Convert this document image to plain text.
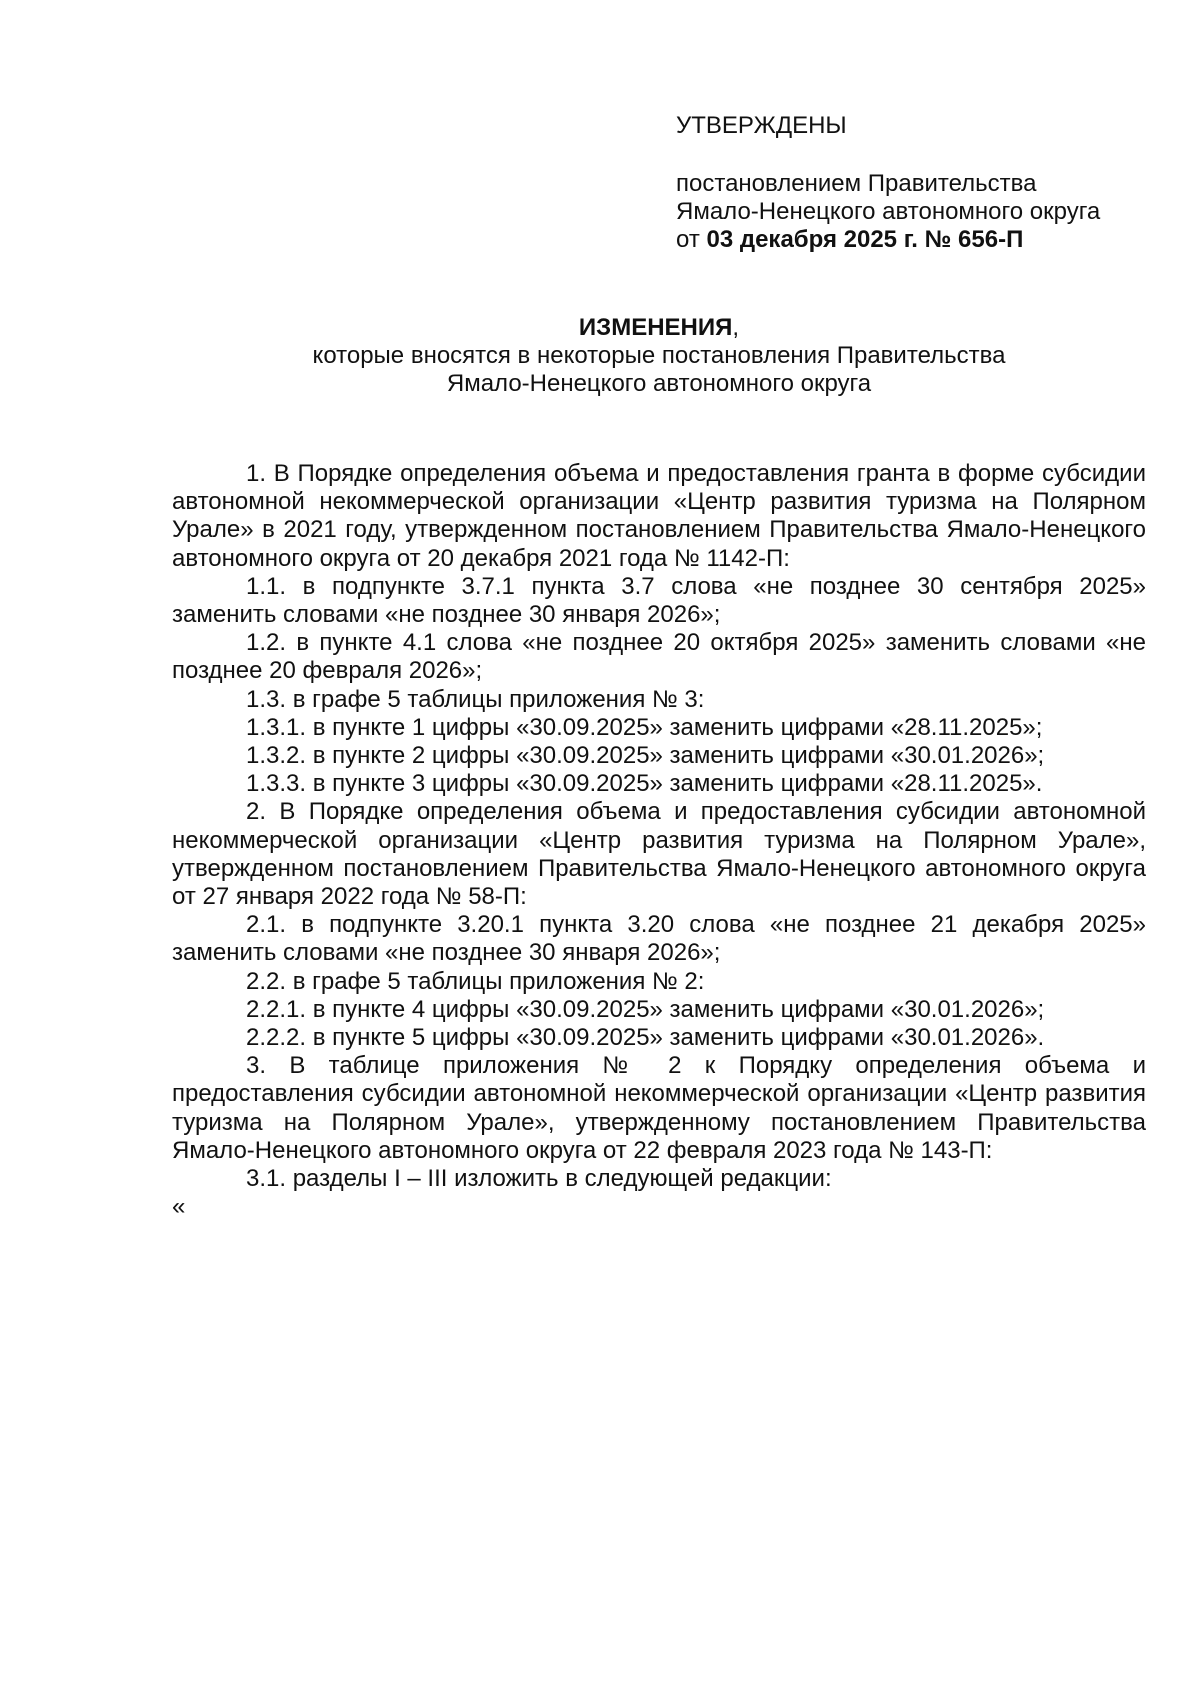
УТВЕРЖДЕНЫ
постановлением Правительства
Ямало-Ненецкого автономного округа
от 03 декабря 2025 г. № 656-П
ИЗМЕНЕНИЯ,
которые вносятся в некоторые постановления Правительства
Ямало-Ненецкого автономного округа

1. В Порядке определения объема и предоставления гранта в форме субсидии автономной некоммерческой организации «Центр развития туризма на Полярном Урале» в 2021 году, утвержденном постановлением Правительства Ямало-Ненецкого автономного округа от 20 декабря 2021 года № 1142-П:

1.1. в подпункте 3.7.1 пункта 3.7 слова «не позднее 30 сентября 2025» заменить словами «не позднее 30 января 2026»;

1.2. в пункте 4.1 слова «не позднее 20 октября 2025» заменить словами «не позднее 20 февраля 2026»;

1.3. в графе 5 таблицы приложения № 3:

1.3.1. в пункте 1 цифры «30.09.2025» заменить цифрами «28.11.2025»;

1.3.2. в пункте 2 цифры «30.09.2025» заменить цифрами «30.01.2026»;

1.3.3. в пункте 3 цифры «30.09.2025» заменить цифрами «28.11.2025».

2. В Порядке определения объема и предоставления субсидии автономной некоммерческой организации «Центр развития туризма на Полярном Урале», утвержденном постановлением Правительства Ямало-Ненецкого автономного округа от 27 января 2022 года № 58-П:

2.1. в подпункте 3.20.1 пункта 3.20 слова «не позднее 21 декабря 2025» заменить словами «не позднее 30 января 2026»;

2.2. в графе 5 таблицы приложения № 2:

2.2.1. в пункте 4 цифры «30.09.2025» заменить цифрами «30.01.2026»;

2.2.2. в пункте 5 цифры «30.09.2025» заменить цифрами «30.01.2026».

3. В таблице приложения № 2 к Порядку определения объема и предоставления субсидии автономной некоммерческой организации «Центр развития туризма на Полярном Урале», утвержденному постановлением Правительства Ямало-Ненецкого автономного округа от 22 февраля 2023 года № 143-П:

3.1. разделы I – III изложить в следующей редакции:

«
